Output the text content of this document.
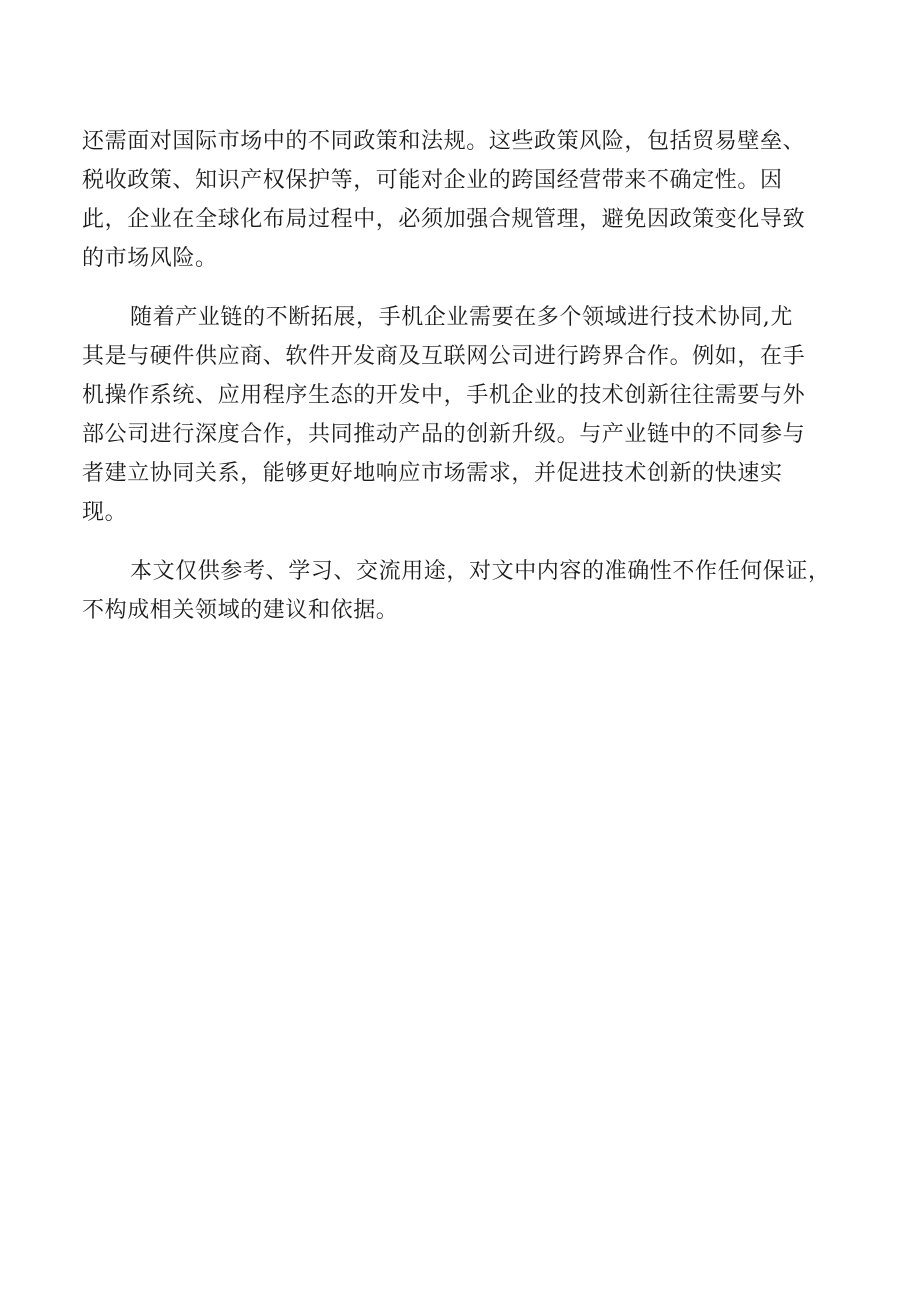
还需面对国际市场中的不同政策和法规。这些政策风险，包括贸易壁垒、
税收政策、知识产权保护等，可能对企业的跨国经营带来不确定性。因
此，企业在全球化布局过程中，必须加强合规管理，避免因政策变化导致
的市场风险。
随着产业链的不断拓展，手机企业需要在多个领域进行技术协同,尤
其是与硬件供应商、软件开发商及互联网公司进行跨界合作。例如，在手
机操作系统、应用程序生态的开发中，手机企业的技术创新往往需要与外
部公司进行深度合作，共同推动产品的创新升级。与产业链中的不同参与
者建立协同关系，能够更好地响应市场需求，并促进技术创新的快速实
现。
本文仅供参考、学习、交流用途，对文中内容的准确性不作任何保证，
不构成相关领域的建议和依据。
